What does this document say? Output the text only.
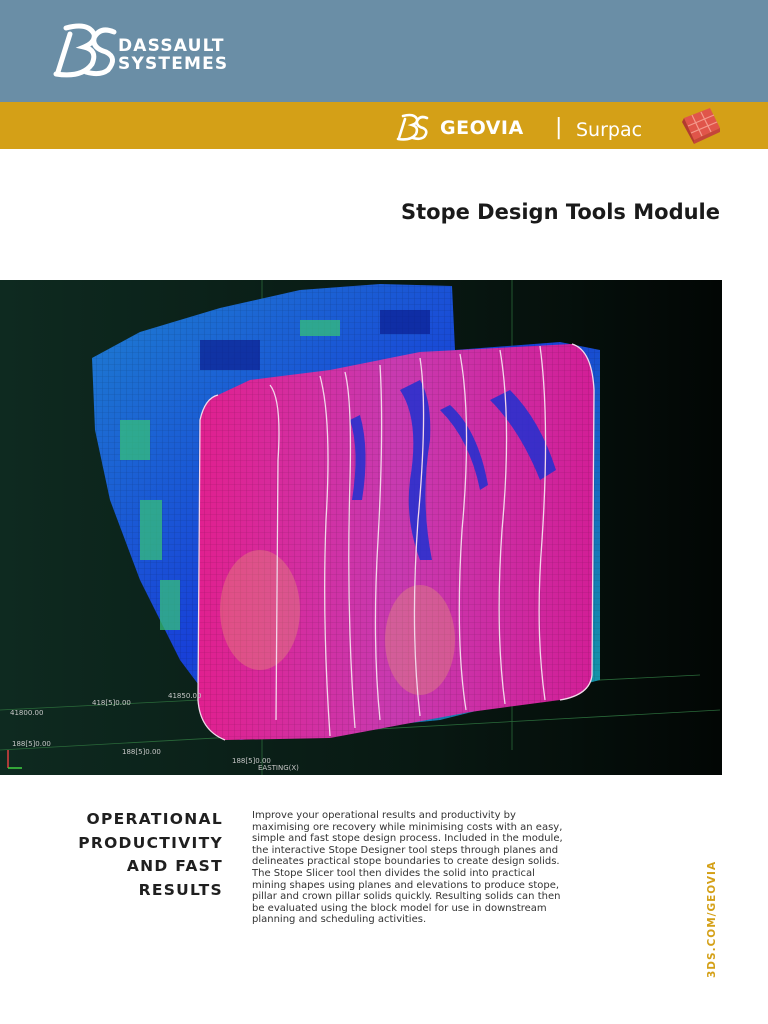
DASSAULT
SYSTEMES
GEOVIA | Surpac
Stope Design Tools Module
41800.00
418[5]0.00
41850.00
188[5]0.00
188[5]0.00
188[5]0.00
EASTING(X)
OPERATIONAL
PRODUCTIVITY
AND FAST
RESULTS
Improve your operational results and productivity by
maximising ore recovery while minimising costs with an easy,
simple and fast stope design process. Included in the module,
the interactive Stope Designer tool steps through planes and
delineates practical stope boundaries to create design solids.
The Stope Slicer tool then divides the solid into practical
mining shapes using planes and elevations to produce stope,
pillar and crown pillar solids quickly. Resulting solids can then
be evaluated using the block model for use in downstream
planning and scheduling activities.	3DS.COM/GEOVIA
